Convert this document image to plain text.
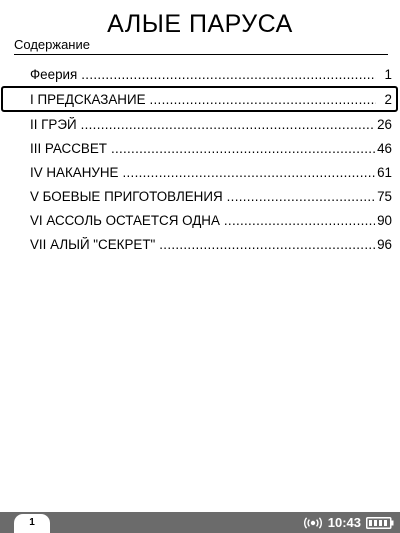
АЛЫЕ ПАРУСА
Содержание
Феерия .....	1
I ПРЕДСКАЗАНИЕ .....	2
II ГРЭЙ .....	26
III РАССВЕТ .....	46
IV НАКАНУНЕ .....	61
V БОЕВЫЕ ПРИГОТОВЛЕНИЯ .....	75
VI АССОЛЬ ОСТАЕТСЯ ОДНА .....	90
VII АЛЫЙ "СЕКРЕТ" .....	96
1	10:43
